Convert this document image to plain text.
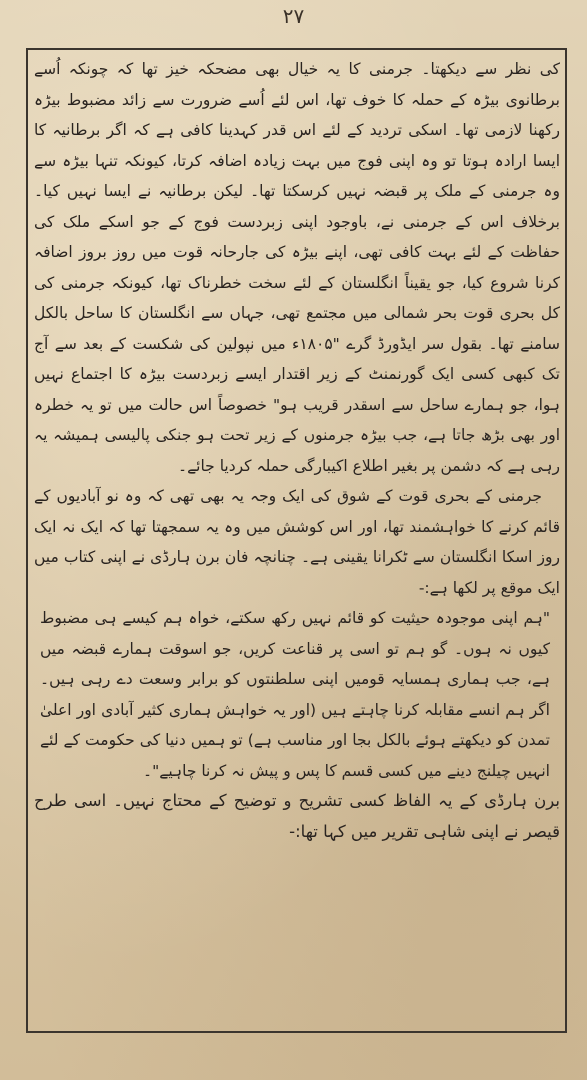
۲۷

کی نظر سے دیکھتا۔ جرمنی کا یہ خیال بھی مضحکہ خیز تھا کہ چونکہ اُسے برطانوی بیڑہ کے حملہ کا خوف تھا، اس لئے اُسے ضرورت سے زائد مضبوط بیڑہ رکھنا لازمی تھا۔ اسکی تردید کے لئے اس قدر کہدینا کافی ہے کہ اگر برطانیہ کا ایسا ارادہ ہوتا تو وہ اپنی فوج میں بہت زیادہ اضافہ کرتا، کیونکہ تنہا بیڑہ سے وہ جرمنی کے ملک پر قبضہ نہیں کرسکتا تھا۔ لیکن برطانیہ نے ایسا نہیں کیا۔ برخلاف اس کے جرمنی نے، باوجود اپنی زبردست فوج کے جو اسکے ملک کی حفاظت کے لئے بہت کافی تھی، اپنے بیڑہ کی جارحانہ قوت میں روز بروز اضافہ کرنا شروع کیا، جو یقیناً انگلستان کے لئے سخت خطرناک تھا، کیونکہ جرمنی کی کل بحری قوت بحر شمالی میں مجتمع تھی، جہاں سے انگلستان کا ساحل بالکل سامنے تھا۔ بقول سر ایڈورڈ گرے "۱۸۰۵ء میں نپولین کی شکست کے بعد سے آج تک کبھی کسی ایک گورنمنٹ کے زیر اقتدار ایسے زبردست بیڑہ کا اجتماع نہیں ہوا، جو ہمارے ساحل سے اسقدر قریب ہو" خصوصاً اس حالت میں تو یہ خطرہ اور بھی بڑھ جاتا ہے، جب بیڑہ جرمنوں کے زیر تحت ہو جنکی پالیسی ہمیشہ یہ رہی ہے کہ دشمن پر بغیر اطلاع اکیبارگی حملہ کردیا جائے۔

جرمنی کے بحری قوت کے شوق کی ایک وجہ یہ بھی تھی کہ وہ نو آبادیوں کے قائم کرنے کا خواہشمند تھا، اور اس کوشش میں وہ یہ سمجھتا تھا کہ ایک نہ ایک روز اسکا انگلستان سے ٹکرانا یقینی ہے۔ چنانچہ فان برن ہارڈی نے اپنی کتاب میں ایک موقع پر لکھا ہے:-

"ہم اپنی موجودہ حیثیت کو قائم نہیں رکھ سکتے، خواہ ہم کیسے ہی مضبوط کیوں نہ ہوں۔ گو ہم تو اسی پر قناعت کریں، جو اسوقت ہمارے قبضہ میں ہے، جب ہماری ہمسایہ قومیں اپنی سلطنتوں کو برابر وسعت دے رہی ہیں۔ اگر ہم انسے مقابلہ کرنا چاہتے ہیں (اور یہ خواہش ہماری کثیر آبادی اور اعلیٰ تمدن کو دیکھتے ہوئے بالکل بجا اور مناسب ہے) تو ہمیں دنیا کی حکومت کے لئے انہیں چیلنج دینے میں کسی قسم کا پس و پیش نہ کرنا چاہیے"۔

برن ہارڈی کے یہ الفاظ کسی تشریح و توضیح کے محتاج نہیں۔ اسی طرح قیصر نے اپنی شاہی تقریر میں کہا تھا:-
